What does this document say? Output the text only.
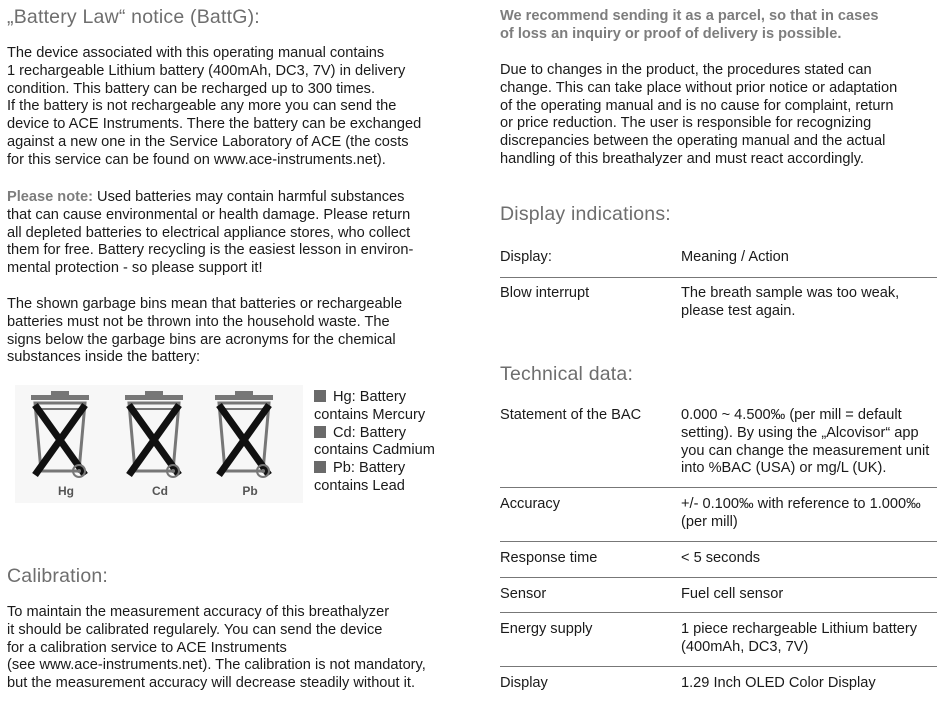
„Battery Law“ notice (BattG):

The device associated with this operating manual contains
1 rechargeable Lithium battery (400mAh, DC3, 7V) in delivery
condition. This battery can be recharged up to 300 times.
If the battery is not rechargeable any more you can send the
device to ACE Instruments. There the battery can be exchanged
against a new one in the Service Laboratory of ACE (the costs
for this service can be found on www.ace-instruments.net).

Please note: Used batteries may contain harmful substances
that can cause environmental or health damage. Please return
all depleted batteries to electrical appliance stores, who collect
them for free. Battery recycling is the easiest lesson in environ-
mental protection - so please support it!

The shown garbage bins mean that batteries or rechargeable
batteries must not be thrown into the household waste. The
signs below the garbage bins are acronyms for the chemical
substances inside the battery:

Hg	Cd	Pb
Hg: Battery
contains Mercury
Cd: Battery
contains Cadmium
Pb: Battery
contains Lead
Calibration:

To maintain the measurement accuracy of this breathalyzer
it should be calibrated regularely. You can send the device
for a calibration service to ACE Instruments
(see www.ace-instruments.net). The calibration is not mandatory,
but the measurement accuracy will decrease steadily without it.

We recommend sending it as a parcel, so that in cases
of loss an inquiry or proof of delivery is possible.

Due to changes in the product, the procedures stated can
change. This can take place without prior notice or adaptation
of the operating manual and is no cause for complaint, return
or price reduction. The user is responsible for recognizing
discrepancies between the operating manual and the actual
handling of this breathalyzer and must react accordingly.

Display indications:
Display:	Meaning / Action
Blow interrupt	The breath sample was too weak,
please test again.
Technical data:
Statement of the BAC	0.000 ~ 4.500‰ (per mill = default
setting). By using the „Alcovisor“ app
you can change the measurement unit
into %BAC (USA) or mg/L (UK).
Accuracy	+/- 0.100‰ with reference to 1.000‰
(per mill)
Response time	< 5 seconds
Sensor	Fuel cell sensor
Energy supply	1 piece rechargeable Lithium battery
(400mAh, DC3, 7V)
Display	1.29 Inch OLED Color Display
